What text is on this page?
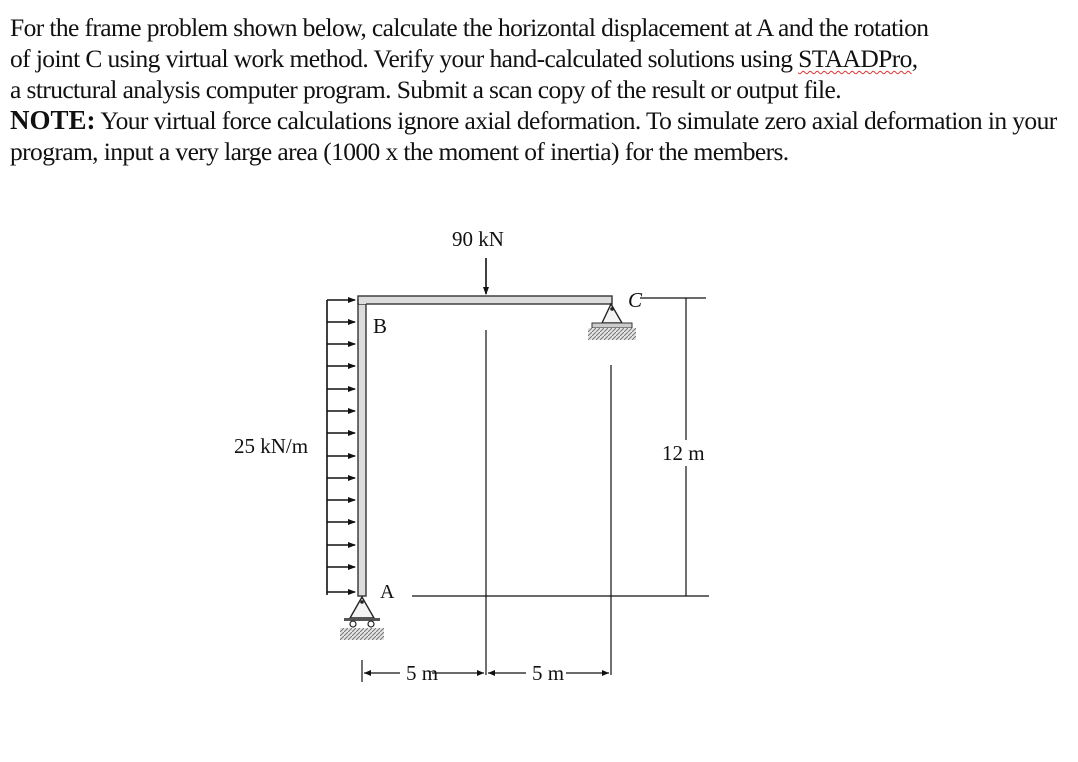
For the frame problem shown below, calculate the horizontal displacement at A and the rotation

of joint C using virtual work method. Verify your hand-calculated solutions using STAADPro,

a structural analysis computer program. Submit a scan copy of the result or output file.

NOTE: Your virtual force calculations ignore axial deformation. To simulate zero axial deformation in your program, input a very large area (1000 x the moment of inertia) for the members.

25 kN/m
90 kN
B
C
A
12 m
5 m	5 m
